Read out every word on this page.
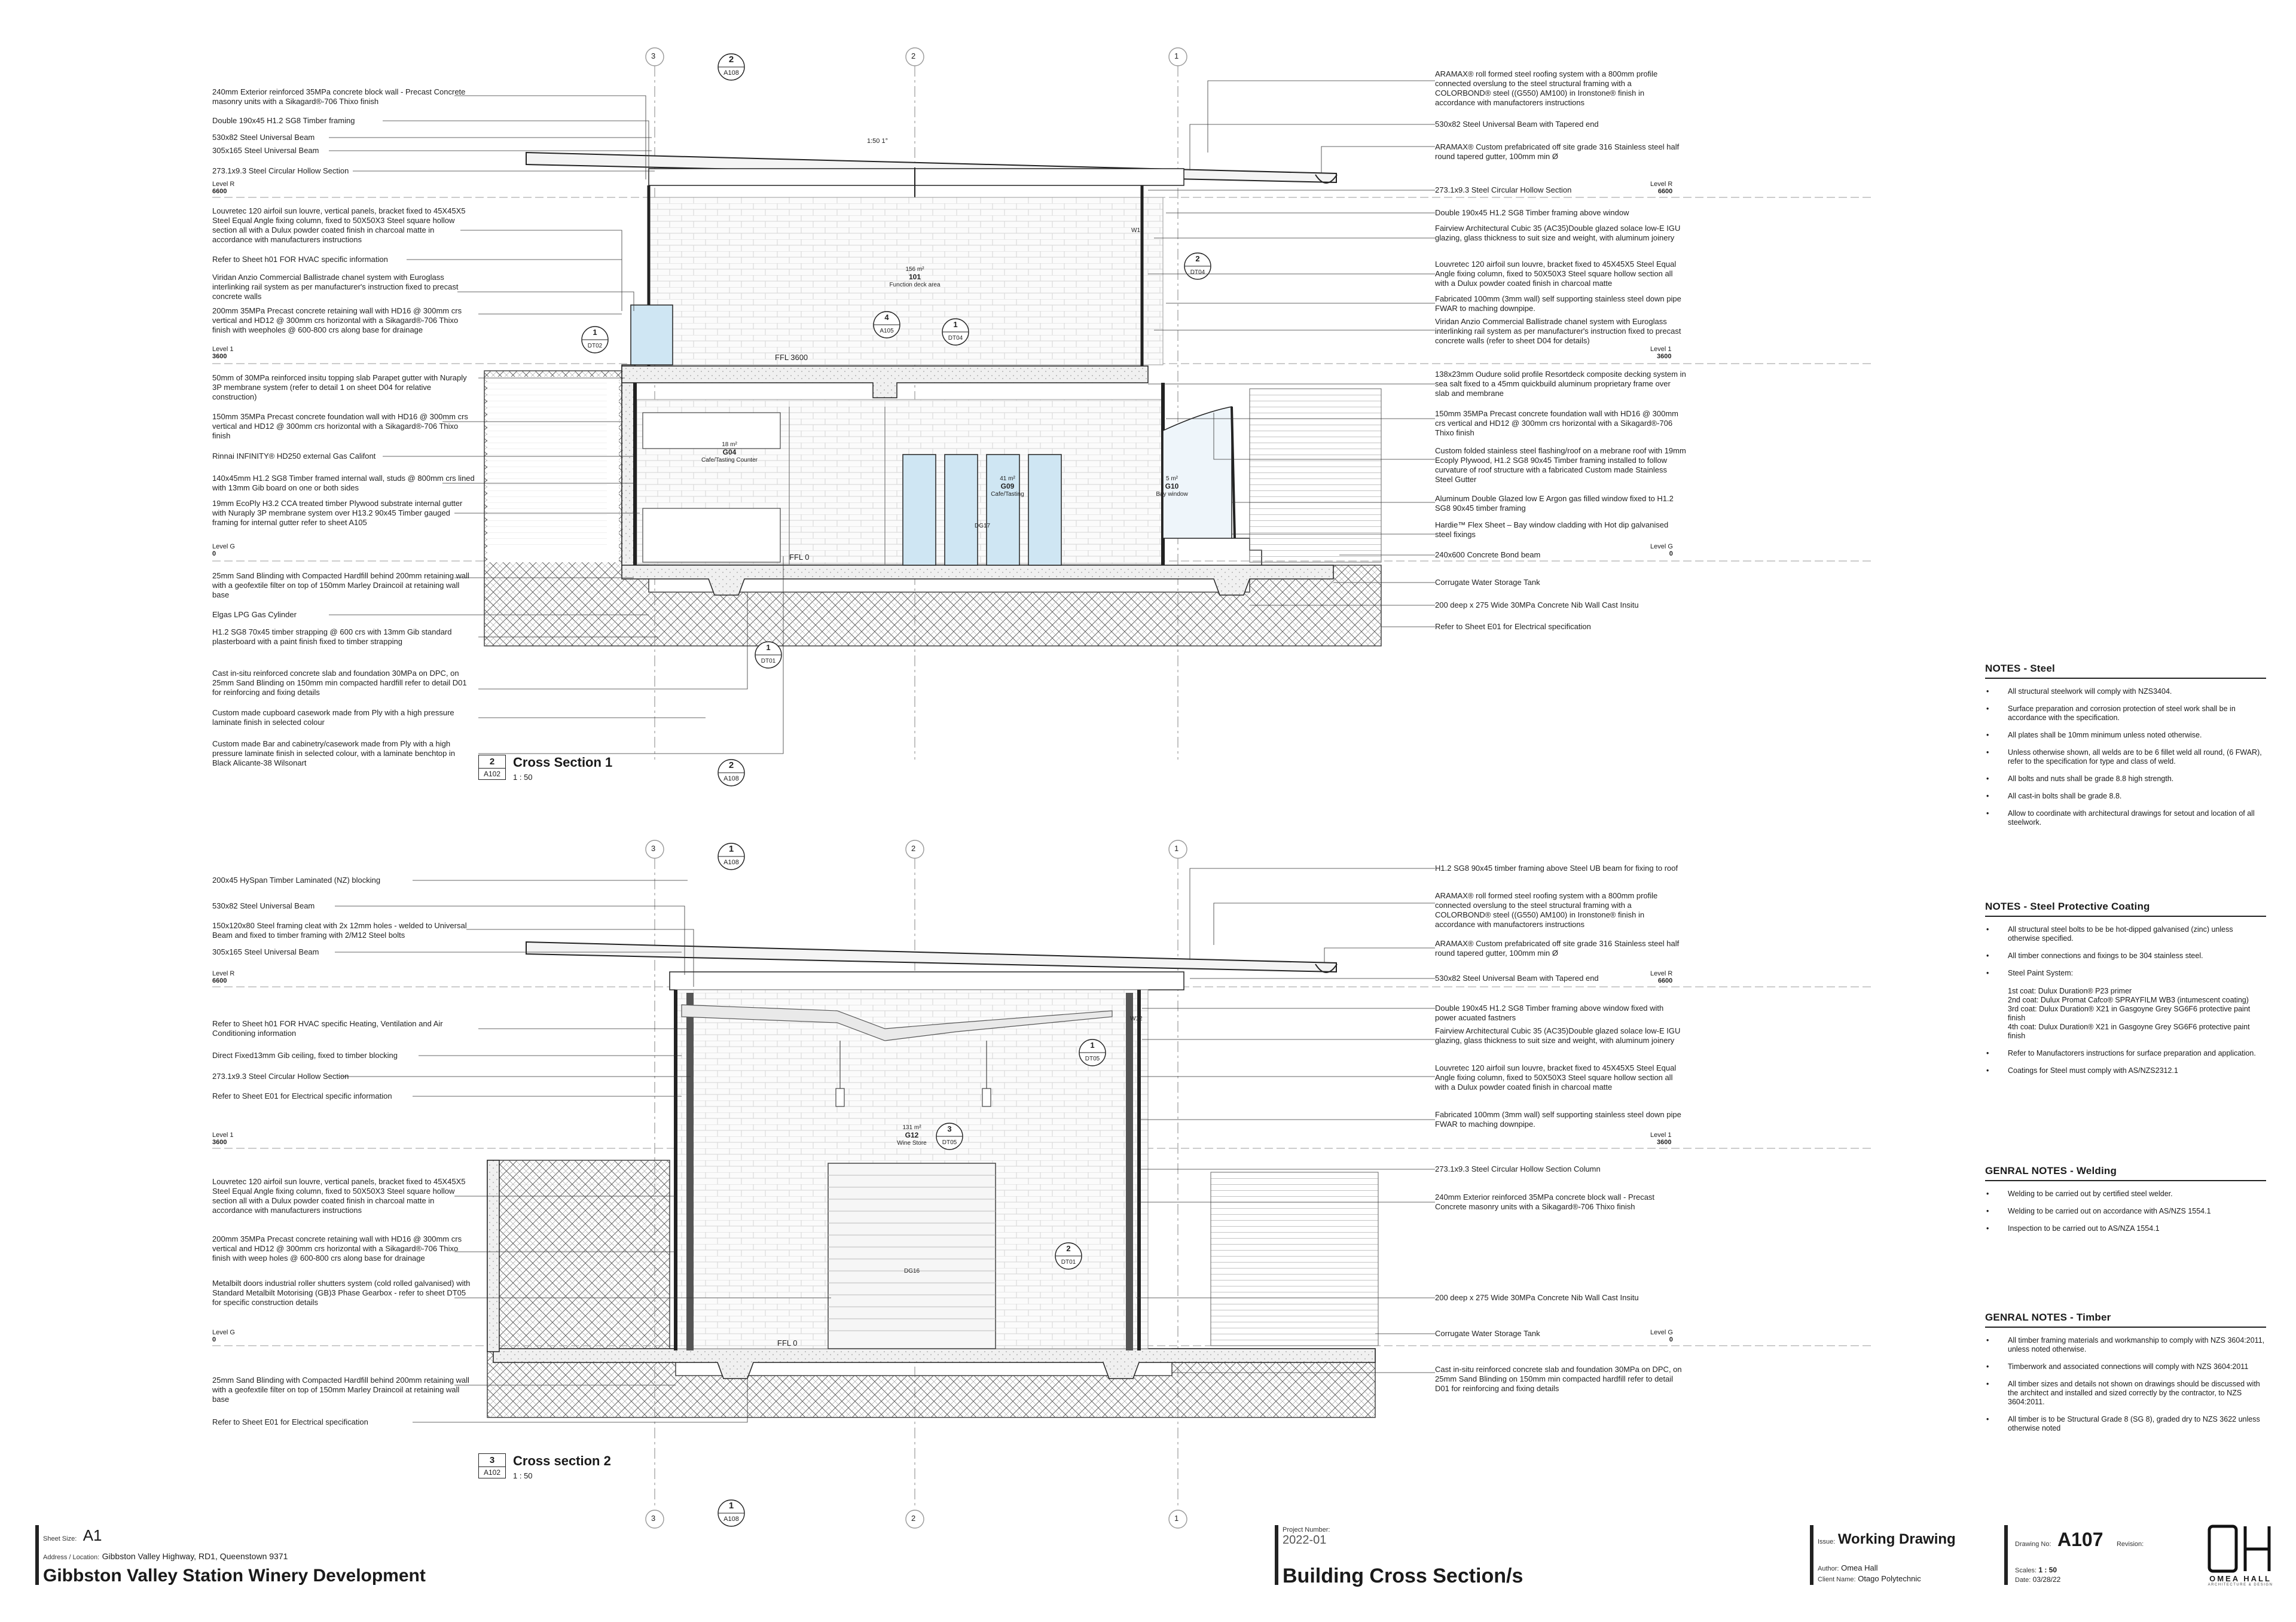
3	2	1
2
A108
2
A108
1:50 1°
Level R
6600
Level 1
3600
Level G
0
Level R
6600
Level 1
3600
Level G
0
FFL 3600
FFL 0
156 m²
101
Function deck area
18 m²
G04
Cafe/Tasting Counter
41 m²
G09
Cafe/Tasting
5 m²
G10
Bay window
1
DT02
4
A105
1
DT04
2
DT04
1
DT01
W10
DG17
240mm Exterior reinforced 35MPa concrete block wall - Precast Concrete masonry units with a Sikagard®-706 Thixo finish
Double 190x45 H1.2 SG8 Timber framing
530x82 Steel Universal Beam
305x165 Steel Universal Beam
273.1x9.3 Steel Circular Hollow Section
Louvretec 120 airfoil sun louvre, vertical panels, bracket fixed to 45X45X5 Steel Equal Angle fixing column, fixed to 50X50X3 Steel square hollow section all with a Dulux powder coated finish in charcoal matte in accordance with manufacturers instructions
Refer to Sheet h01 FOR HVAC specific information
Viridan Anzio Commercial Ballistrade chanel system with Euroglass interlinking rail system as per manufacturer's instruction fixed to precast concrete walls
200mm 35MPa Precast concrete retaining wall with HD16 @ 300mm crs vertical and HD12 @ 300mm crs horizontal with a Sikagard®-706 Thixo finish with weepholes @ 600-800 crs along base for drainage
50mm of 30MPa reinforced insitu topping slab Parapet gutter with Nuraply 3P membrane system (refer to detail 1 on sheet D04 for relative construction)
150mm 35MPa Precast concrete foundation wall with HD16 @ 300mm crs vertical and HD12 @ 300mm crs horizontal with a Sikagard®-706 Thixo finish
Rinnai INFINITY® HD250 external Gas Califont
140x45mm H1.2 SG8 Timber framed internal wall, studs @ 800mm crs lined with 13mm Gib board on one or both sides
19mm EcoPly H3.2 CCA treated timber Plywood substrate internal gutter with Nuraply 3P membrane system over H13.2 90x45 Timber gauged framing for internal gutter refer to sheet A105
25mm Sand Blinding with Compacted Hardfill behind 200mm retaining wall with a geofextile filter on top of 150mm Marley Draincoil at retaining wall base
Elgas LPG Gas Cylinder
H1.2 SG8 70x45 timber strapping @ 600 crs with 13mm Gib standard plasterboard with a paint finish fixed to timber strapping
Cast in-situ reinforced concrete slab and foundation 30MPa on DPC, on 25mm Sand Blinding on 150mm min compacted hardfill refer to detail D01 for reinforcing and fixing details
Custom made cupboard casework made from Ply with a high pressure laminate finish in selected colour
Custom made Bar and cabinetry/casework made from Ply with a high pressure laminate finish in selected colour, with a laminate benchtop in Black Alicante-38 Wilsonart
ARAMAX® roll formed steel roofing system with a 800mm profile connected overslung to the steel structural framing with a COLORBOND® steel ((G550) AM100) in Ironstone® finish in accordance with manufactorers instructions
530x82 Steel Universal Beam with Tapered end
ARAMAX® Custom prefabricated off site grade 316 Stainless steel half round tapered gutter, 100mm min Ø
273.1x9.3 Steel Circular Hollow Section
Double 190x45 H1.2 SG8 Timber framing above window
Fairview Architectural Cubic 35 (AC35)Double glazed solace low-E IGU glazing, glass thickness to suit size and weight, with aluminum joinery
Louvretec 120 airfoil sun louvre, bracket fixed to 45X45X5 Steel Equal Angle fixing column, fixed to 50X50X3 Steel square hollow section all with a Dulux powder coated finish in charcoal matte
Fabricated 100mm (3mm wall) self supporting stainless steel down pipe FWAR to maching downpipe.
Viridan Anzio Commercial Ballistrade chanel system with Euroglass interlinking rail system as per manufacturer's instruction fixed to precast concrete walls (refer to sheet D04 for details)
138x23mm Oudure solid profile Resortdeck composite decking system in sea salt fixed to a 45mm quickbuild aluminum proprietary frame over slab and membrane
150mm 35MPa Precast concrete foundation wall with HD16 @ 300mm crs vertical and HD12 @ 300mm crs horizontal with a Sikagard®-706 Thixo finish
Custom folded stainless steel flashing/roof on a mebrane roof with 19mm Ecoply Plywood, H1.2 SG8 90x45 Timber framing installed to follow curvature of roof structure with a fabricated Custom made Stainless Steel Gutter
Aluminum Double Glazed low E Argon gas filled window fixed to H1.2 SG8 90x45 timber framing
Hardie™ Flex Sheet – Bay window cladding with Hot dip galvanised steel fixings
240x600 Concrete Bond beam
Corrugate Water Storage Tank
200 deep x 275 Wide 30MPa Concrete Nib Wall Cast Insitu
Refer to Sheet E01 for Electrical specification
2
A102
Cross Section 1
1 : 50
3	2	1
3	2	1
1
A108
1
A108
Level R
6600
Level 1
3600
Level G
0
Level R
6600
Level 1
3600
Level G
0
FFL 0
131 m²
G12
Wine Store
1
DT05
3
DT05
2
DT01
W12
DG16
200x45 HySpan Timber Laminated (NZ) blocking
530x82 Steel Universal Beam
150x120x80 Steel framing cleat with 2x 12mm holes - welded to Universal Beam and fixed to timber framing with 2/M12 Steel bolts
305x165 Steel Universal Beam
Refer to Sheet h01 FOR HVAC specific Heating, Ventilation and Air Conditioning information
Direct Fixed13mm Gib ceiling, fixed to timber blocking
273.1x9.3 Steel Circular Hollow Section
Refer to Sheet E01 for Electrical specific information
Louvretec 120 airfoil sun louvre, vertical panels, bracket fixed to 45X45X5 Steel Equal Angle fixing column, fixed to 50X50X3 Steel square hollow section all with a Dulux powder coated finish in charcoal matte in accordance with manufacturers instructions
200mm 35MPa Precast concrete retaining wall with HD16 @ 300mm crs vertical and HD12 @ 300mm crs horizontal with a Sikagard®-706 Thixo finish with weep holes @ 600-800 crs along base for drainage
Metalbilt doors industrial roller shutters system (cold rolled galvanised) with Standard Metalbilt Motorising (GB)3 Phase Gearbox - refer to sheet DT05 for specific construction details
25mm Sand Blinding with Compacted Hardfill behind 200mm retaining wall with a geofextile filter on top of 150mm Marley Draincoil at retaining wall base
Refer to Sheet E01 for Electrical specification
H1.2 SG8 90x45 timber framing above Steel UB beam for fixing to roof
ARAMAX® roll formed steel roofing system with a 800mm profile connected overslung to the steel structural framing with a COLORBOND® steel ((G550) AM100) in Ironstone® finish in accordance with manufactorers instructions
ARAMAX® Custom prefabricated off site grade 316 Stainless steel half round tapered gutter, 100mm min Ø
530x82 Steel Universal Beam with Tapered end
Double 190x45 H1.2 SG8 Timber framing above window fixed with power acuated fastners
Fairview Architectural Cubic 35 (AC35)Double glazed solace low-E IGU glazing, glass thickness to suit size and weight, with aluminum joinery
Louvretec 120 airfoil sun louvre, bracket fixed to 45X45X5 Steel Equal Angle fixing column, fixed to 50X50X3 Steel square hollow section all with a Dulux powder coated finish in charcoal matte
Fabricated 100mm (3mm wall) self supporting stainless steel down pipe FWAR to maching downpipe.
273.1x9.3 Steel Circular Hollow Section Column
240mm Exterior reinforced 35MPa concrete block wall - Precast Concrete masonry units with a Sikagard®-706 Thixo finish
200 deep x 275 Wide 30MPa Concrete Nib Wall Cast Insitu
Corrugate Water Storage Tank
Cast in-situ reinforced concrete slab and foundation 30MPa on DPC, on 25mm Sand Blinding on 150mm min compacted hardfill refer to detail D01 for reinforcing and fixing details
3
A102
Cross section 2
1 : 50
NOTES - Steel
• All structural steelwork will comply with NZS3404.
• Surface preparation and corrosion protection of steel work shall be in accordance with the specification.
• All plates shall be 10mm minimum unless noted otherwise.
• Unless otherwise shown, all welds are to be 6 fillet weld all round, (6 FWAR), refer to the specification for type and class of weld.
• All bolts and nuts shall be grade 8.8 high strength.
• All cast-in bolts shall be grade 8.8.
• Allow to coordinate with architectural drawings for setout and location of all steelwork.
NOTES - Steel Protective Coating
• All structural steel bolts to be be hot-dipped galvanised (zinc) unless otherwise specified.
• All timber connections and fixings to be 304 stainless steel.
• Steel Paint System:

1st coat: Dulux Duration® P23 primer
2nd coat: Dulux Promat Cafco® SPRAYFILM WB3 (intumescent coating)
3rd coat: Dulux Duration® X21 in Gasgoyne Grey SG6F6 protective paint finish
4th coat: Dulux Duration® X21 in Gasgoyne Grey SG6F6 protective paint finish
• Refer to Manufactorers instructions for surface preparation and application.
• Coatings for Steel must comply with AS/NZS2312.1
GENRAL NOTES - Welding
• Welding to be carried out by certified steel welder.
• Welding to be carried out on accordance with AS/NZS 1554.1
• Inspection to be carried out to AS/NZA 1554.1
GENRAL NOTES - Timber
• All timber framing materials and workmanship to comply with NZS 3604:2011, unless noted otherwise.
• Timberwork and associated connections will comply with NZS 3604:2011
• All timber sizes and details not shown on drawings should be discussed with the architect and installed and sized correctly by the contractor, to NZS 3604:2011.
• All timber is to be Structural Grade 8 (SG 8), graded dry to NZS 3622 unless otherwise noted
Sheet Size: A1
Address / Location: Gibbston Valley Highway, RD1, Queenstown 9371
Gibbston Valley Station Winery Development
Project Number:
2022-01
Building Cross Section/s
Issue: Working Drawing
Author: Omea Hall
Client Name: Otago Polytechnic
Drawing No: A107 Revision:
Scales: 1 : 50
Date: 03/28/22	OMEA HALL
ARCHITECTURE & DESIGN
